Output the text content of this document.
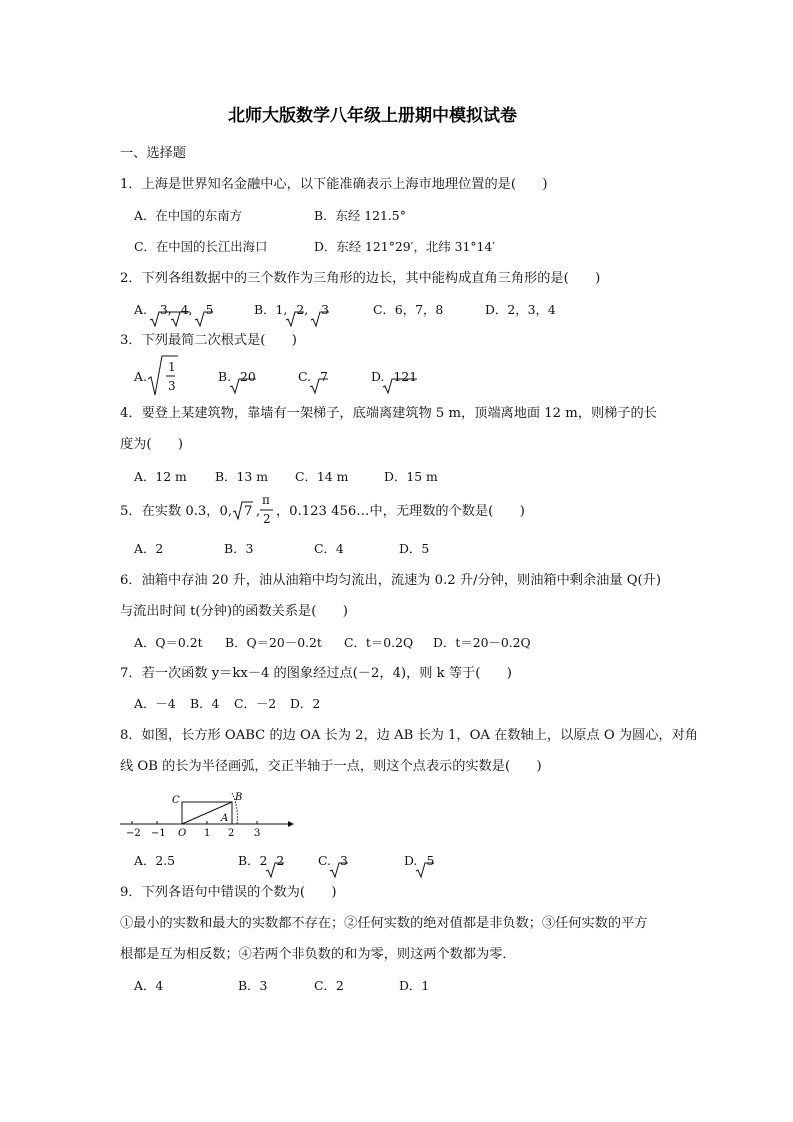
北师大版数学八年级上册期中模拟试卷
一、选择题
1．上海是世界知名金融中心，以下能准确表示上海市地理位置的是(　　)
A．在中国的东南方	B．东经 121.5°
C．在中国的长江出海口	D．东经 121°29′，北纬 31°14′
2．下列各组数据中的三个数作为三角形的边长，其中能构成直角三角形的是(　　)
A. 3, 4,
5	B．1, 2,
3	C．6，7，8	D．2，3，4
3．下列最简二次根式是(　　)
A.
1
3
B. 20	C. 7	D. 121
4．要登上某建筑物，靠墙有一架梯子，底端离建筑物 5 m，顶端离地面 12 m，则梯子的长
度为(　　)
A．12 m B．13 m C．14 m	D．15 m
5．在实数 0.3，0, 7 ,
π
2 ，0.123 456…中，无理数的个数是(　　)
A．2	B．3	C．4	D．5
6．油箱中存油 20 升，油从油箱中均匀流出，流速为 0.2 升/分钟，则油箱中剩余油量 Q(升)
与流出时间 t(分钟)的函数关系是(　　)
A．Q＝0.2t B．Q＝20－0.2t C．t＝0.2Q D．t＝20－0.2Q
7．若一次函数 y＝kx－4 的图象经过点(－2，4)，则 k 等于(　　)
A．－4 B．4 C．－2 D．2
8．如图，长方形 OABC 的边 OA 长为 2，边 AB 长为 1，OA 在数轴上，以原点 O 为圆心，对角
线 OB 的长为半径画弧，交正半轴于一点，则这个点表示的实数是(　　)
−2 −1 O 1 2 3
C	B
A
A．2.5	B．2 2	C. 3	D. 5
9．下列各语句中错误的个数为(　　)
①最小的实数和最大的实数都不存在；②任何实数的绝对值都是非负数；③任何实数的平方
根都是互为相反数；④若两个非负数的和为零，则这两个数都为零．
A．4	B．3	C．2	D．1
